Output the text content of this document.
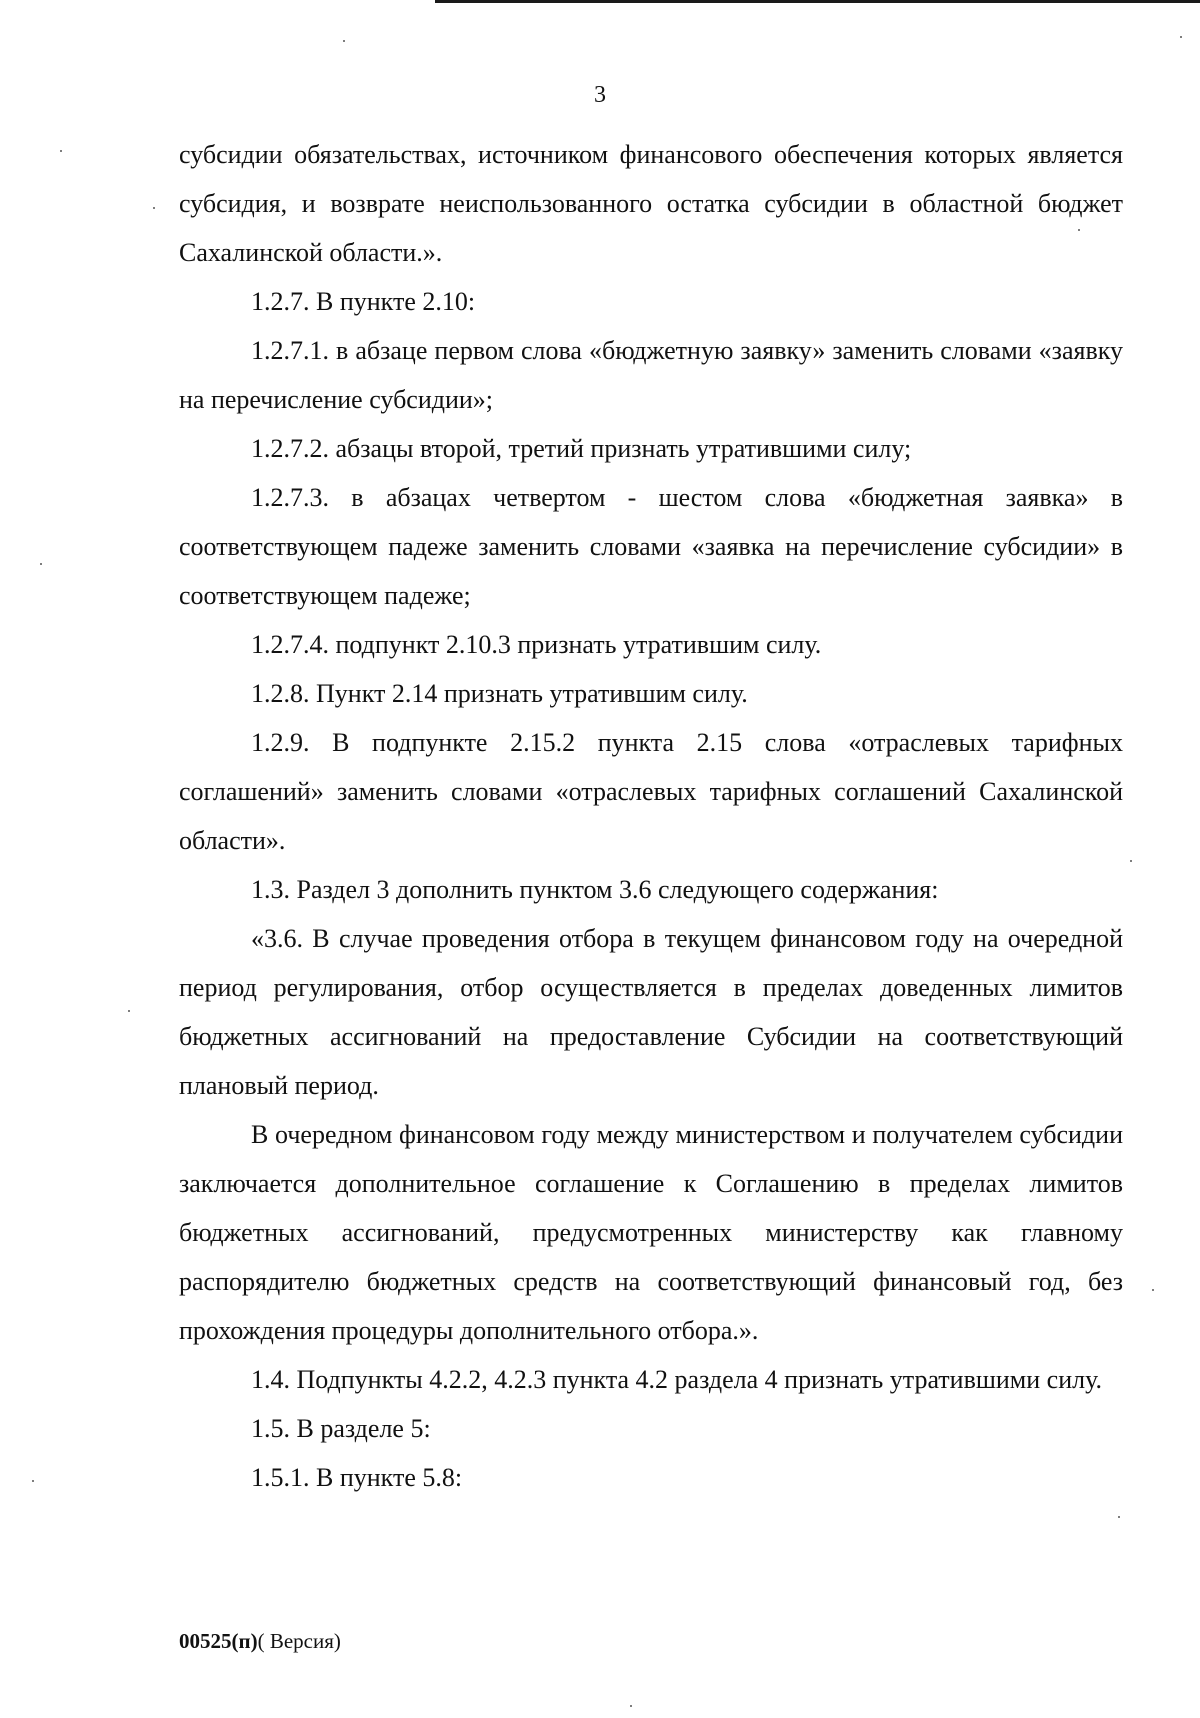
3

субсидии обязательствах, источником финансового обеспечения которых является субсидия, и возврате неиспользованного остатка субсидии в областной бюджет Сахалинской области.».

1.2.7. В пункте 2.10:

1.2.7.1. в абзаце первом слова «бюджетную заявку» заменить словами «заявку на перечисление субсидии»;

1.2.7.2. абзацы второй, третий признать утратившими силу;

1.2.7.3. в абзацах четвертом - шестом слова «бюджетная заявка» в соответствующем падеже заменить словами «заявка на перечисление субсидии» в соответствующем падеже;

1.2.7.4. подпункт 2.10.3 признать утратившим силу.

1.2.8. Пункт 2.14 признать утратившим силу.

1.2.9. В подпункте 2.15.2 пункта 2.15 слова «отраслевых тарифных соглашений» заменить словами «отраслевых тарифных соглашений Сахалинской области».

1.3. Раздел 3 дополнить пунктом 3.6 следующего содержания:

«3.6. В случае проведения отбора в текущем финансовом году на очередной период регулирования, отбор осуществляется в пределах доведенных лимитов бюджетных ассигнований на предоставление Субсидии на соответствующий плановый период.

В очередном финансовом году между министерством и получателем субсидии заключается дополнительное соглашение к Соглашению в пределах лимитов бюджетных ассигнований, предусмотренных министерству как главному распорядителю бюджетных средств на соответствующий финансовый год, без прохождения процедуры дополнительного отбора.».

1.4. Подпункты 4.2.2, 4.2.3 пункта 4.2 раздела 4 признать утратившими силу.

1.5. В разделе 5:

1.5.1. В пункте 5.8:

00525(п)( Версия)
